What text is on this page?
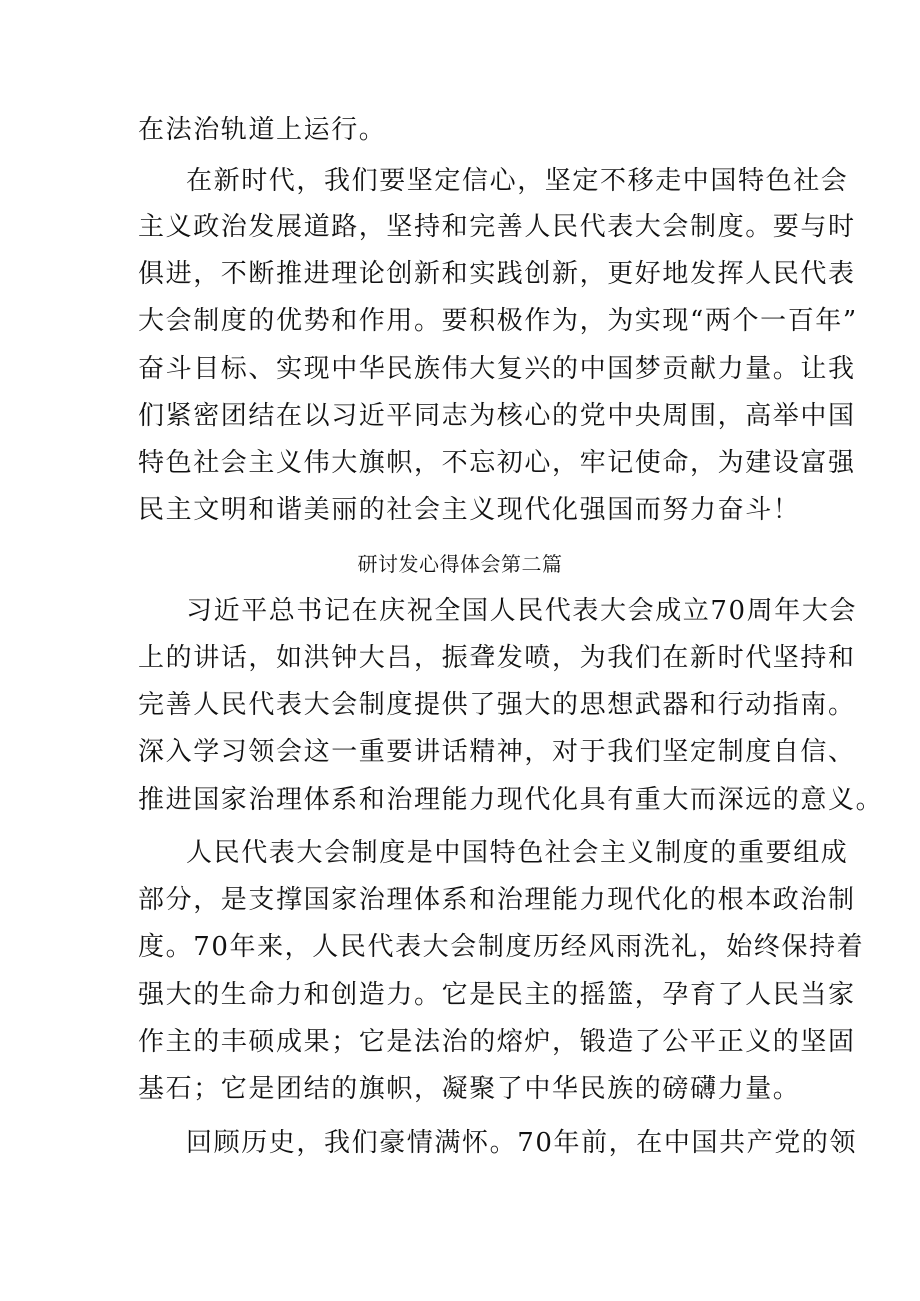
在法治轨道上运行。
在新时代，我们要坚定信心，坚定不移走中国特色社会
主义政治发展道路，坚持和完善人民代表大会制度。要与时
俱进，不断推进理论创新和实践创新，更好地发挥人民代表
大会制度的优势和作用。要积极作为，为实现“两个一百年”
奋斗目标、实现中华民族伟大复兴的中国梦贡献力量。让我
们紧密团结在以习近平同志为核心的党中央周围，高举中国
特色社会主义伟大旗帜，不忘初心，牢记使命，为建设富强
民主文明和谐美丽的社会主义现代化强国而努力奋斗！
研讨发心得体会第二篇
习近平总书记在庆祝全国人民代表大会成立70周年大会
上的讲话，如洪钟大吕，振聋发喷，为我们在新时代坚持和
完善人民代表大会制度提供了强大的思想武器和行动指南。
深入学习领会这一重要讲话精神，对于我们坚定制度自信、
推进国家治理体系和治理能力现代化具有重大而深远的意义。
人民代表大会制度是中国特色社会主义制度的重要组成
部分，是支撑国家治理体系和治理能力现代化的根本政治制
度。70年来，人民代表大会制度历经风雨洗礼，始终保持着
强大的生命力和创造力。它是民主的摇篮，孕育了人民当家
作主的丰硕成果；它是法治的熔炉，锻造了公平正义的坚固
基石；它是团结的旗帜，凝聚了中华民族的磅礴力量。
回顾历史，我们豪情满怀。70年前，在中国共产党的领
